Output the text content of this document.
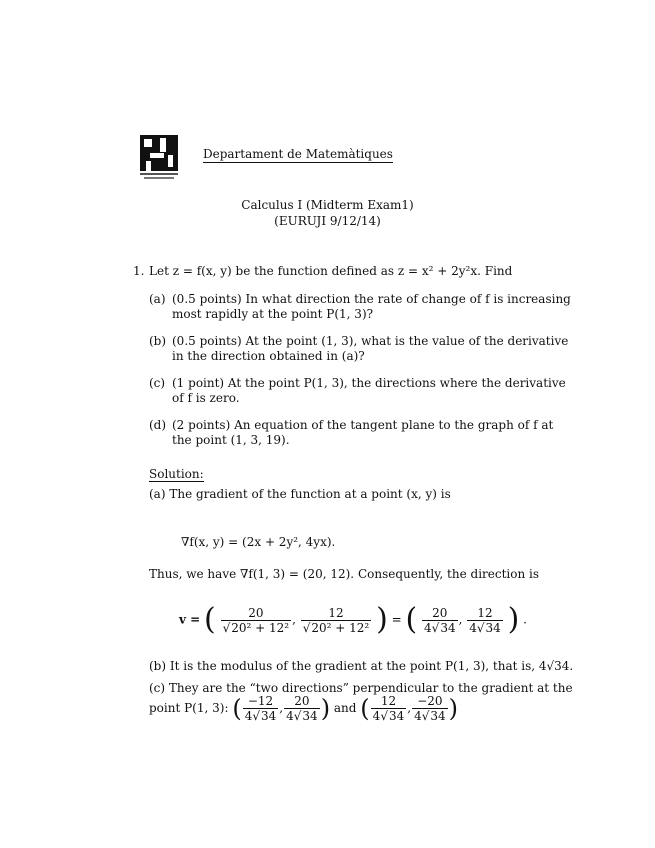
Departament de Matemàtiques
Calculus I (Midterm Exam1)
(EURUJI 9/12/14)
1. Let z = f(x, y) be the function defined as z = x² + 2y²x. Find
(a) (0.5 points) In what direction the rate of change of f is increasing
most rapidly at the point P(1, 3)?
(b) (0.5 points) At the point (1, 3), what is the value of the derivative
in the direction obtained in (a)?
(c) (1 point) At the point P(1, 3), the directions where the derivative
of f is zero.
(d) (2 points) An equation of the tangent plane to the graph of f at
the point (1, 3, 19).
Solution:
(a) The gradient of the function at a point (x, y) is
∇f(x, y) = (2x + 2y², 4yx).
Thus, we have ∇f(1, 3) = (20, 12). Consequently, the direction is
v = ( $\frac{20}{\text{√20² + 12²}}$ , $\frac{12}{\text{√20² + 12²}}$ ) = ( $\frac{20}{4√34}$ , $\frac{12}{4√34}$ ) .
(b) It is the modulus of the gradient at the point P(1, 3), that is, 4√34.
(c) They are the “two directions” perpendicular to the gradient at the
point P(1, 3): ( $\frac{-12}{4√34}$ , $\frac{20}{4√34}$ ) and ( $\frac{12}{4√34}$ , $\frac{-20}{4√34}$ )
